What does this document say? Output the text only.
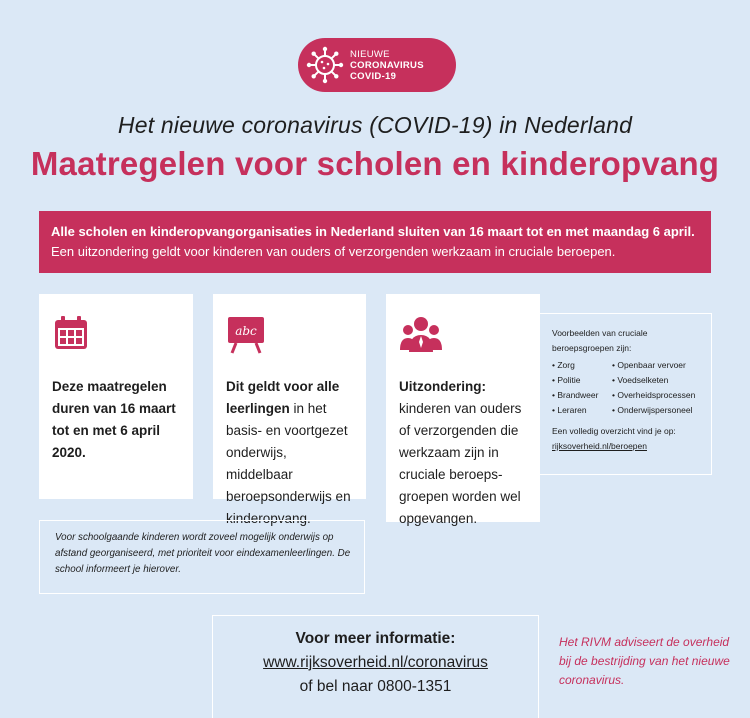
NIEUWE
CORONAVIRUS
COVID-19
Het nieuwe coronavirus (COVID-19) in Nederland
Maatregelen voor scholen en kinderopvang
Alle scholen en kinderopvangorganisaties in Nederland sluiten van 16 maart tot en met maandag 6 april. Een uitzondering geldt voor kinderen van ouders of verzorgenden werkzaam in cruciale beroepen.

Deze maatregelen duren van 16 maart tot en met 6 april 2020.

abc

Dit geldt voor alle leerlingen in het basis- en voortgezet onderwijs, middelbaar beroepsonderwijs en kinderopvang.

Uitzondering: kinderen van ouders of verzorgenden die werkzaam zijn in cruciale beroeps- groepen worden wel opgevangen.

Voorbeelden van cruciale beroepsgroepen zijn:
• Zorg	• Openbaar vervoer
• Politie	• Voedselketen
• Brandweer	• Overheidsprocessen
• Leraren	• Onderwijspersoneel
Een volledig overzicht vind je op:
rijksoverheid.nl/beroepen
Voor schoolgaande kinderen wordt zoveel mogelijk onderwijs op afstand georganiseerd, met prioriteit voor eindexamenleerlingen. De school informeert je hierover.
Voor meer informatie:
www.rijksoverheid.nl/coronavirus
of bel naar 0800-1351
Het RIVM adviseert de overheid bij de bestrijding van het nieuwe coronavirus.
